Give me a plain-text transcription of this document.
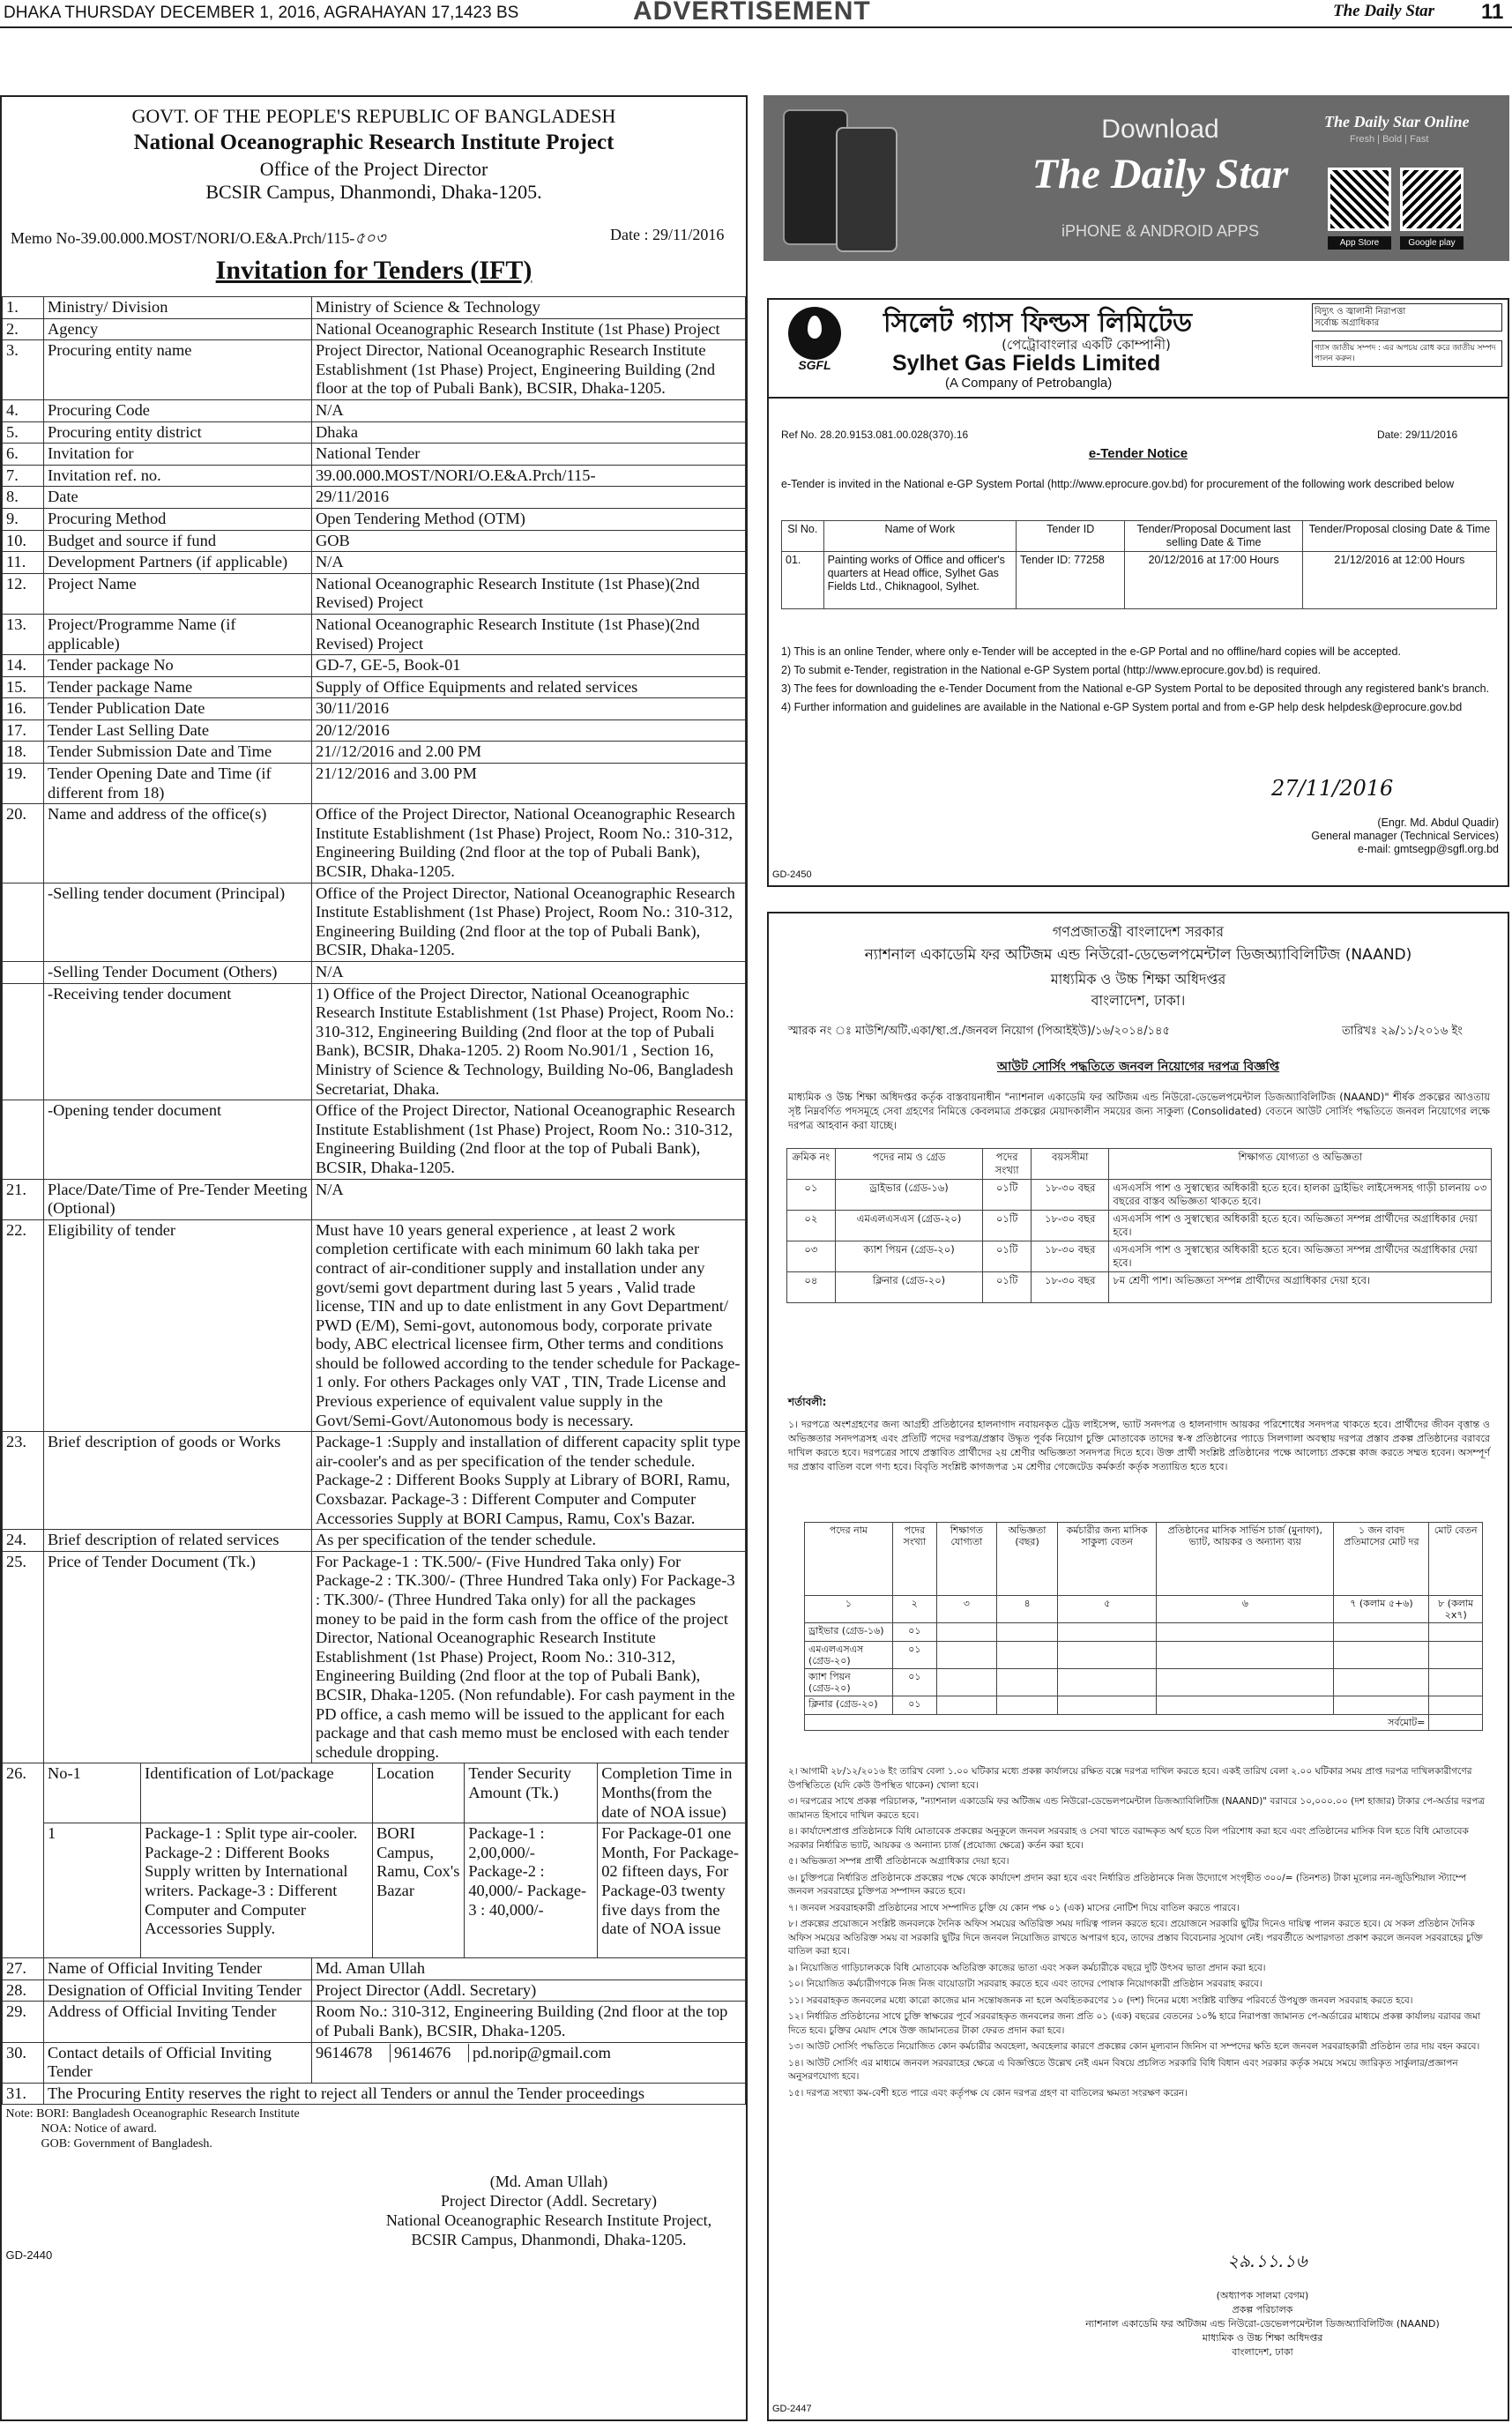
DHAKA THURSDAY DECEMBER 1, 2016, AGRAHAYAN 17,1423 BS	ADVERTISEMENT	The Daily Star 11
GOVT. OF THE PEOPLE'S REPUBLIC OF BANGLADESH
National Oceanographic Research Institute Project
Office of the Project Director
BCSIR Campus, Dhanmondi, Dhaka-1205.
Memo No-39.00.000.MOST/NORI/O.E&A.Prch/115-৫০৩	Date : 29/11/2016
Invitation for Tenders (IFT)
1.	Ministry/ Division	Ministry of Science & Technology
2.	Agency	National Oceanographic Research Institute (1st Phase) Project
3.	Procuring entity name	Project Director, National Oceanographic Research Institute Establishment (1st Phase) Project, Engineering Building (2nd floor at the top of Pubali Bank), BCSIR, Dhaka-1205.
4.	Procuring Code	N/A
5.	Procuring entity district	Dhaka
6.	Invitation for	National Tender
7.	Invitation ref. no.	39.00.000.MOST/NORI/O.E&A.Prch/115-
8.	Date	29/11/2016
9.	Procuring Method	Open Tendering Method (OTM)
10.	Budget and source if fund	GOB
11.	Development Partners (if applicable)	N/A
12.	Project Name	National Oceanographic Research Institute (1st Phase)(2nd Revised) Project
13.	Project/Programme Name (if applicable)	National Oceanographic Research Institute (1st Phase)(2nd Revised) Project
14.	Tender package No	GD-7, GE-5, Book-01
15.	Tender package Name	Supply of Office Equipments and related services
16.	Tender Publication Date	30/11/2016
17.	Tender Last Selling Date	20/12/2016
18.	Tender Submission Date and Time	21//12/2016 and 2.00 PM
19.	Tender Opening Date and Time (if different from 18)	21/12/2016 and 3.00 PM
20.	Name and address of the office(s)	Office of the Project Director, National Oceanographic Research Institute Establishment (1st Phase) Project, Room No.: 310-312, Engineering Building (2nd floor at the top of Pubali Bank), BCSIR, Dhaka-1205.
	-Selling tender document (Principal)	Office of the Project Director, National Oceanographic Research Institute Establishment (1st Phase) Project, Room No.: 310-312, Engineering Building (2nd floor at the top of Pubali Bank), BCSIR, Dhaka-1205.
	-Selling Tender Document (Others)	N/A
	-Receiving tender document	1) Office of the Project Director, National Oceanographic Research Institute Establishment (1st Phase) Project, Room No.: 310-312, Engineering Building (2nd floor at the top of Pubali Bank), BCSIR, Dhaka-1205. 2) Room No.901/1 , Section 16, Ministry of Science & Technology, Building No-06, Bangladesh Secretariat, Dhaka.
	-Opening tender document	Office of the Project Director, National Oceanographic Research Institute Establishment (1st Phase) Project, Room No.: 310-312, Engineering Building (2nd floor at the top of Pubali Bank), BCSIR, Dhaka-1205.
21.	Place/Date/Time of Pre-Tender Meeting (Optional)	N/A
22.	Eligibility of tender	Must have 10 years general experience , at least 2 work completion certificate with each minimum 60 lakh taka per contract of air-conditioner supply and installation under any govt/semi govt department during last 5 years , Valid trade license, TIN and up to date enlistment in any Govt Department/ PWD (E/M), Semi-govt, autonomous body, corporate private body, ABC electrical licensee firm, Other terms and conditions should be followed according to the tender schedule for Package-1 only. For others Packages only VAT , TIN, Trade License and Previous experience of equivalent value supply in the Govt/Semi-Govt/Autonomous body is necessary.
23.	Brief description of goods or Works	Package-1 :Supply and installation of different capacity split type air-cooler's and as per specification of the tender schedule. Package-2 : Different Books Supply at Library of BORI, Ramu, Coxsbazar. Package-3 : Different Computer and Computer Accessories Supply at BORI Campus, Ramu, Cox's Bazar.
24.	Brief description of related services	As per specification of the tender schedule.
25.	Price of Tender Document (Tk.)	For Package-1 : TK.500/- (Five Hundred Taka only) For Package-2 : TK.300/- (Three Hundred Taka only) For Package-3 : TK.300/- (Three Hundred Taka only) for all the packages money to be paid in the form cash from the office of the project Director, National Oceanographic Research Institute Establishment (1st Phase) Project, Room No.: 310-312, Engineering Building (2nd floor at the top of Pubali Bank), BCSIR, Dhaka-1205. (Non refundable). For cash payment in the PD office, a cash memo will be issued to the applicant for each package and that cash memo must be enclosed with each tender schedule dropping.
26.	No-1	Identification of Lot/package	Location	Tender Security Amount (Tk.)	Completion Time in Months(from the date of NOA issue)
1	Package-1 : Split type air-cooler. Package-2 : Different Books Supply written by International writers. Package-3 : Different Computer and Computer Accessories Supply.	BORI Campus, Ramu, Cox's Bazar	Package-1 : 2,00,000/- Package-2 : 40,000/- Package-3 : 40,000/-	For Package-01 one Month, For Package-02 fifteen days, For Package-03 twenty five days from the date of NOA issue

27.	Name of Official Inviting Tender	Md. Aman Ullah
28.	Designation of Official Inviting Tender	Project Director (Addl. Secretary)
29.	Address of Official Inviting Tender	Room No.: 310-312, Engineering Building (2nd floor at the top of Pubali Bank), BCSIR, Dhaka-1205.
30.	Contact details of Official Inviting Tender	9614678 9614676 pd.norip@gmail.com
31.	The Procuring Entity reserves the right to reject all Tenders or annul the Tender proceedings

Note: BORI: Bangladesh Oceanographic Research Institute
NOA: Notice of award.
GOB: Government of Bangladesh.
(Md. Aman Ullah)
Project Director (Addl. Secretary)
National Oceanographic Research Institute Project,
BCSIR Campus, Dhanmondi, Dhaka-1205.
GD-2440
Download
The Daily Star
iPHONE & ANDROID APPS
The Daily Star Online
Fresh | Bold | Fast
App Store	Google play
SGFL
সিলেট গ্যাস ফিল্ডস লিমিটেড
(পেট্রোবাংলার একটি কোম্পানী)
Sylhet Gas Fields Limited
(A Company of Petrobangla)
বিদ্যুৎ ও জ্বালানী নিরাপত্তা
সর্বোচ্চ অগ্রাধিকার
গ্যাস জাতীয় সম্পদ : এর অপচয় রোধ করে জাতীয় সম্পদ পালন করুন।
Ref No. 28.20.9153.081.00.028(370).16	Date: 29/11/2016
e-Tender Notice
e-Tender is invited in the National e-GP System Portal (http://www.eprocure.gov.bd) for procurement of the following work described below
Sl No.	Name of Work	Tender ID	Tender/Proposal Document last selling Date & Time	Tender/Proposal closing Date & Time
01.	Painting works of Office and officer's quarters at Head office, Sylhet Gas Fields Ltd., Chiknagool, Sylhet.	Tender ID: 77258	20/12/2016 at 17:00 Hours	21/12/2016 at 12:00 Hours
1) This is an online Tender, where only e-Tender will be accepted in the e-GP Portal and no offline/hard copies will be accepted.
2) To submit e-Tender, registration in the National e-GP System portal (http://www.eprocure.gov.bd) is required.
3) The fees for downloading the e-Tender Document from the National e-GP System Portal to be deposited through any registered bank's branch.
4) Further information and guidelines are available in the National e-GP System portal and from e-GP help desk helpdesk@eprocure.gov.bd
27/11/2016
(Engr. Md. Abdul Quadir)
General manager (Technical Services)
e-mail: gmtsegp@sgfl.org.bd
GD-2450
গণপ্রজাতন্ত্রী বাংলাদেশ সরকার
ন্যাশনাল একাডেমি ফর অটিজম এন্ড নিউরো-ডেভেলপমেন্টাল ডিজঅ্যাবিলিটিজ (NAAND)
মাধ্যমিক ও উচ্চ শিক্ষা অধিদপ্তর
বাংলাদেশ, ঢাকা।
স্মারক নং ঃ মাউশি/অটি.একা/স্থা.প্র./জনবল নিয়োগ (পিআইইউ)/১৬/২০১৪/১৪৫	তারিখঃ ২৯/১১/২০১৬ ইং
আউট সোর্সিং পদ্ধতিতে জনবল নিয়োগের দরপত্র বিজ্ঞপ্তি
মাধ্যমিক ও উচ্চ শিক্ষা অধিদপ্তর কর্তৃক বাস্তবায়নাধীন "ন্যাশনাল একাডেমি ফর অটিজম এন্ড নিউরো-ডেভেলপমেন্টাল ডিজঅ্যাবিলিটিজ (NAAND)" শীর্ষক প্রকল্পের আওতায় সৃষ্ট নিম্নবর্ণিত পদসমূহে সেবা গ্রহণের নিমিত্তে কেবলমাত্র প্রকল্পের মেয়াদকালীন সময়ের জন্য সাকুল্য (Consolidated) বেতনে আউট সোর্সিং পদ্ধতিতে জনবল নিয়োগের লক্ষে দরপত্র আহবান করা যাচ্ছে।
ক্রমিক নং	পদের নাম ও গ্রেড	পদের সংখ্যা	বয়সসীমা	শিক্ষাগত যোগ্যতা ও অভিজ্ঞতা
০১	ড্রাইভার (গ্রেড-১৬)	০১টি	১৮-৩০ বছর	এসএসসি পাশ ও সুস্বাস্থ্যের অধিকারী হতে হবে। হালকা ড্রাইভিং লাইসেন্সসহ গাড়ী চালনায় ০৩ বছরের বাস্তব অভিজ্ঞতা থাকতে হবে।
০২	এমএলএসএস (গ্রেড-২০)	০১টি	১৮-৩০ বছর	এসএসসি পাশ ও সুস্বাস্থ্যের অধিকারী হতে হবে। অভিজ্ঞতা সম্পন্ন প্রার্থীদের অগ্রাধিকার দেয়া হবে।
০৩	ক্যাশ পিয়ন (গ্রেড-২০)	০১টি	১৮-৩০ বছর	এসএসসি পাশ ও সুস্বাস্থ্যের অধিকারী হতে হবে। অভিজ্ঞতা সম্পন্ন প্রার্থীদের অগ্রাধিকার দেয়া হবে।
০৪	ক্লিনার (গ্রেড-২০)	০১টি	১৮-৩০ বছর	৮ম শ্রেণী পাশ। অভিজ্ঞতা সম্পন্ন প্রার্থীদের অগ্রাধিকার দেয়া হবে।
শর্তাবলী:
১। দরপত্রে অংশগ্রহণের জন্য আগ্রহী প্রতিষ্ঠানের হালনাগাদ নবায়নকৃত ট্রেড লাইসেন্স, ভ্যাট সনদপত্র ও হালনাগাদ আয়কর পরিশোধের সনদপত্র থাকতে হবে। প্রার্থীদের জীবন বৃত্তান্ত ও অভিজ্ঞতার সনদপত্রসহ এবং প্রতিটি পদের দরপত্র/প্রস্তাব উদ্ধৃত পূর্বক নিয়োগ চুক্তি মোতাবেক তাদের স্ব-স্ব প্রতিষ্ঠানের প্যাডে সিলগালা অবস্থায় দরপত্র প্রস্তাব প্রকল্প প্রতিষ্ঠানের বরাবরে দাখিল করতে হবে। দরপত্রের সাথে প্রস্তাবিত প্রার্থীদের ২য় শ্রেণীর অভিজ্ঞতা সনদপত্র দিতে হবে। উক্ত প্রার্থী সংশ্লিষ্ট প্রতিষ্ঠানের পক্ষে আলোচ্য প্রকল্পে কাজ করতে সম্মত হবেন। অসম্পূর্ণ দর প্রস্তাব বাতিল বলে গণ্য হবে। বিবৃতি সংশ্লিষ্ট কাগজপত্র ১ম শ্রেণীর গেজেটেড কর্মকর্তা কর্তৃক সত্যায়িত হতে হবে।
পদের নাম	পদের সংখ্যা	শিক্ষাগত যোগ্যতা	অভিজ্ঞতা (বছর)	কর্মচারীর জন্য মাসিক সাকুল্য বেতন	প্রতিষ্ঠানের মাসিক সার্ভিস চার্জ (মুনাফা), ভ্যাট, আয়কর ও অন্যান্য ব্যয়	১ জন বাবদ প্রতিমাসের মোট দর	মোট বেতন
১	২	৩	৪	৫	৬	৭ (কলাম ৫+৬)	৮ (কলাম ২x৭)
ড্রাইভার (গ্রেড-১৬)	০১						
এমএলএসএস (গ্রেড-২০)	০১						
ক্যাশ পিয়ন (গ্রেড-২০)	০১						
ক্লিনার (গ্রেড-২০)	০১						
সর্বমোট=							
২। আগামী ২৮/১২/২০১৬ ইং তারিখ বেলা ১.০০ ঘটিকার মধ্যে প্রকল্প কার্যালয়ে রক্ষিত বক্সে দরপত্র দাখিল করতে হবে। একই তারিখ বেলা ২.০০ ঘটিকার সময় প্রাপ্ত দরপত্র দাখিলকারীগণের উপস্থিতিতে (যদি কেউ উপস্থিত থাকেন) খোলা হবে।
৩। দরপত্রের সাথে প্রকল্প পরিচালক, "ন্যাশনাল একাডেমি ফর অটিজম এন্ড নিউরো-ডেভেলপমেন্টাল ডিজঅ্যাবিলিটিজ (NAAND)" বরাবরে ১০,০০০.০০ (দশ হাজার) টাকার পে-অর্ডার দরপত্র জামানত হিসাবে দাখিল করতে হবে।
৪। কার্যাদেশপ্রাপ্ত প্রতিষ্ঠানকে বিধি মোতাবেক প্রকল্পের অনুকূলে জনবল সরবরাহ ও সেবা খাতে বরাদ্দকৃত অর্থ হতে বিল পরিশোধ করা হবে এবং প্রতিষ্ঠানের মাসিক বিল হতে বিধি মোতাবেক সরকার নির্ধারিত ভ্যাট, আয়কর ও অন্যান্য চার্জ (প্রযোজ্য ক্ষেত্রে) কর্তন করা হবে।
৫। অভিজ্ঞতা সম্পন্ন প্রার্থী প্রতিষ্ঠানকে অগ্রাধিকার দেয়া হবে।
৬। চুক্তিপত্রে নির্ধারিত প্রতিষ্ঠানকে প্রকল্পের পক্ষে থেকে কার্যাদেশ প্রদান করা হবে এবং নির্ধারিত প্রতিষ্ঠানকে নিজ উদ্যোগে সংগৃহীত ৩০০/= (তিনশত) টাকা মূল্যের নন-জুডিশিয়াল স্ট্যাম্পে জনবল সরবরাহের চুক্তিপত্র সম্পাদন করতে হবে।
৭। জনবল সরবরাহকারী প্রতিষ্ঠানের সাথে সম্পাদিত চুক্তি যে কোন পক্ষ ০১ (এক) মাসের নোটিশ দিয়ে বাতিল করতে পারবে।
৮। প্রকল্পের প্রয়োজনে সংশ্লিষ্ট জনবলকে দৈনিক অফিস সময়ের অতিরিক্ত সময় দায়িত্ব পালন করতে হবে। প্রয়োজনে সরকারি ছুটির দিনেও দায়িত্ব পালন করতে হবে। যে সকল প্রতিষ্ঠান দৈনিক অফিস সময়ের অতিরিক্ত সময় বা সরকারি ছুটির দিনে জনবল নিয়োজিত রাখতে অপারগ হবে, তাদের প্রস্তাব বিবেচনার সুযোগ নেই। পরবর্তীতে অপারগতা প্রকাশ করলে জনবল সরবরাহের চুক্তি বাতিল করা হবে।
৯। নিয়োজিত গাড়িচালককে বিধি মোতাবেক অতিরিক্ত কাজের ভাতা এবং সকল কর্মচারীকে বছরে দুটি উৎসব ভাতা প্রদান করা হবে।
১০। নিয়োজিত কর্মচারীগণকে নিজ নিজ বায়োডাটা সরবরাহ করতে হবে এবং তাদের পোষাক নিয়োগকারী প্রতিষ্ঠান সরবরাহ করবে।
১১। সরবরাহকৃত জনবলের মধ্যে কারো কাজের মান সন্তোষজনক না হলে অবহিতকরণের ১০ (দশ) দিনের মধ্যে সংশ্লিষ্ট ব্যক্তির পরিবর্তে উপযুক্ত জনবল সরবরাহ করতে হবে।
১২। নির্ধারিত প্রতিষ্ঠানের সাথে চুক্তি স্বাক্ষরের পূর্বে সরবরাহকৃত জনবলের জন্য প্রতি ০১ (এক) বছরের বেতনের ১০% হারে নিরাপত্তা জামানত পে-অর্ডারের মাধ্যমে প্রকল্প কার্যালয় বরাবর জমা দিতে হবে। চুক্তির মেয়াদ শেষে উক্ত জামানতের টাকা ফেরত প্রদান করা হবে।
১৩। আউট সোর্সিং পদ্ধতিতে নিয়োজিত কোন কর্মচারীর অবহেলা, অবহেলার কারণে প্রকল্পের কোন মূল্যবান জিনিস বা সম্পদের ক্ষতি হলে জনবল সরবরাহকারী প্রতিষ্ঠান তার দায় বহন করবে।
১৪। আউট সোর্সিং এর মাধ্যমে জনবল সরবরাহের ক্ষেত্রে এ বিজ্ঞপ্তিতে উল্লেখ নেই এমন বিষয়ে প্রচলিত সরকারি বিধি বিধান এবং সরকার কর্তৃক সময়ে সময়ে জারিকৃত সার্কুলার/প্রজ্ঞাপন অনুসরণযোগ্য হবে।
১৫। দরপত্র সংখ্যা কম-বেশী হতে পারে এবং কর্তৃপক্ষ যে কোন দরপত্র গ্রহণ বা বাতিলের ক্ষমতা সংরক্ষণ করেন।
২৯.১১.১৬
(অধ্যাপক সালমা বেগম)
প্রকল্প পরিচালক
ন্যাশনাল একাডেমি ফর অটিজম এন্ড নিউরো-ডেভেলপমেন্টাল ডিজঅ্যাবিলিটিজ (NAAND)
মাধ্যমিক ও উচ্চ শিক্ষা অধিদপ্তর
বাংলাদেশ, ঢাকা
GD-2447
